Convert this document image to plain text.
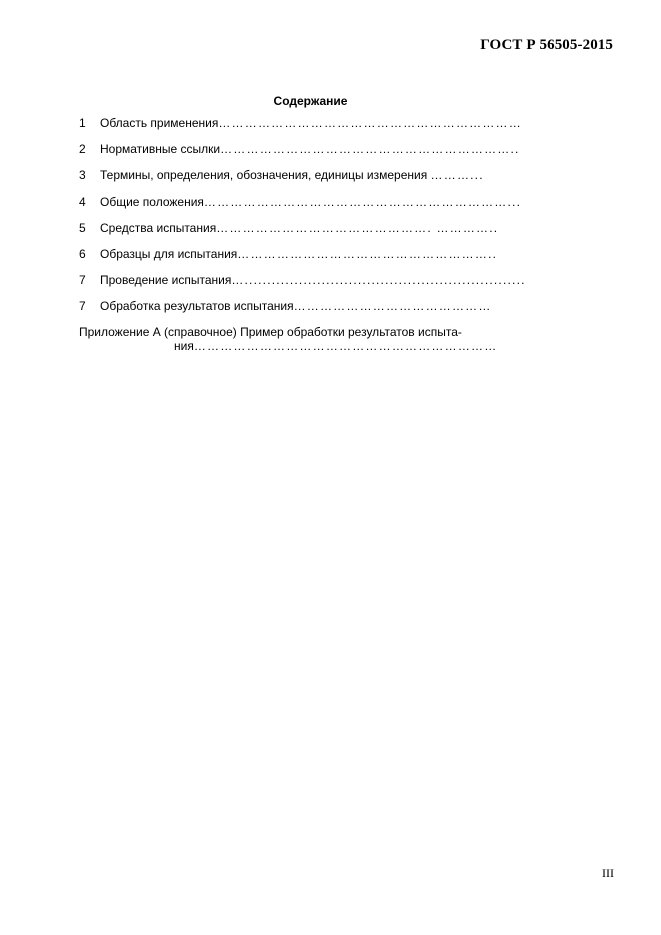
ГОСТ Р 56505-2015
Содержание
1 Область применения……………………………………………………………
2 Нормативные ссылки…………………………………………………………..
3 Термины, определения, обозначения, единицы измерения ………...
4 Общие положения……………………………………………………………...
5 Средства испытания…………………………………………. …………..
6 Образцы для испытания…………………………………………………..
7 Проведение испытания…..............................................................
7 Обработка результатов испытания………………………………………
Приложение А (справочное) Пример обработки результатов испыта-
ния……………………………………………………………
III
